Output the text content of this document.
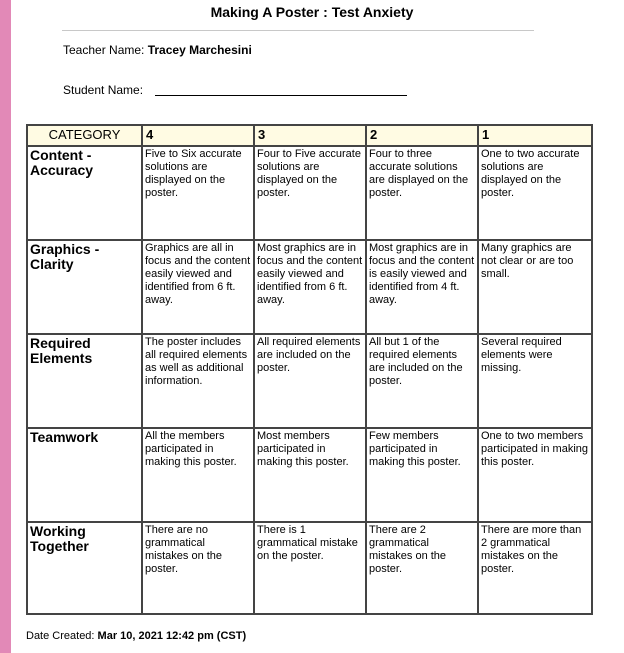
Making A Poster : Test Anxiety
Teacher Name: Tracey Marchesini
Student Name:
CATEGORY	4	3	2	1
Content - Accuracy	Five to Six accurate solutions are displayed on the poster.	Four to Five accurate solutions are displayed on the poster.	Four to three accurate solutions are displayed on the poster.	One to two accurate solutions are displayed on the poster.
Graphics - Clarity	Graphics are all in focus and the content easily viewed and identified from 6 ft. away.	Most graphics are in focus and the content easily viewed and identified from 6 ft. away.	Most graphics are in focus and the content is easily viewed and identified from 4 ft. away.	Many graphics are not clear or are too small.
Required Elements	The poster includes all required elements as well as additional information.	All required elements are included on the poster.	All but 1 of the required elements are included on the poster.	Several required elements were missing.
Teamwork	All the members participated in making this poster.	Most members participated in making this poster.	Few members participated in making this poster.	One to two members participated in making this poster.
Working Together	There are no grammatical mistakes on the poster.	There is 1 grammatical mistake on the poster.	There are 2 grammatical mistakes on the poster.	There are more than 2 grammatical mistakes on the poster.
Date Created: Mar 10, 2021 12:42 pm (CST)
